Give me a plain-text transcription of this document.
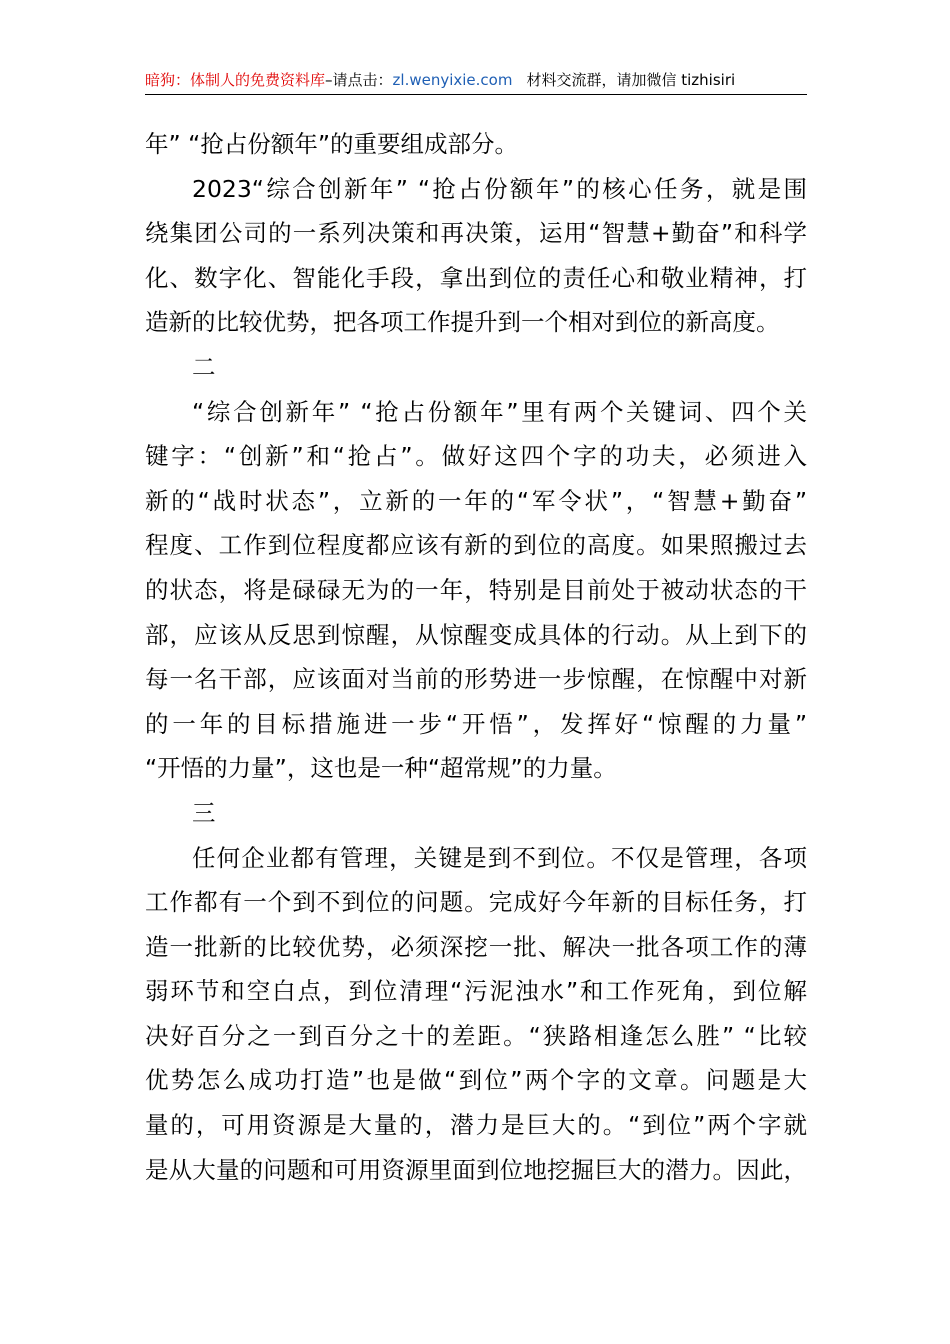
暗狗：体制人的免费资料库–请点击：zl.wenyixie.com 材料交流群，请加微信 tizhisiri
年” “抢占份额年”的重要组成部分。
2023“综合创新年” “抢占份额年”的核心任务，就是围
绕集团公司的一系列决策和再决策，运用“智慧+勤奋”和科学
化、数字化、智能化手段，拿出到位的责任心和敬业精神，打
造新的比较优势，把各项工作提升到一个相对到位的新高度。
二
“综合创新年” “抢占份额年”里有两个关键词、四个关
键字：“创新”和“抢占”。做好这四个字的功夫，必须进入
新的“战时状态”，立新的一年的“军令状”，“智慧+勤奋”
程度、工作到位程度都应该有新的到位的高度。如果照搬过去
的状态，将是碌碌无为的一年，特别是目前处于被动状态的干
部，应该从反思到惊醒，从惊醒变成具体的行动。从上到下的
每一名干部，应该面对当前的形势进一步惊醒，在惊醒中对新
的一年的目标措施进一步“开悟”，发挥好“惊醒的力量”
“开悟的力量”，这也是一种“超常规”的力量。
三
任何企业都有管理，关键是到不到位。不仅是管理，各项
工作都有一个到不到位的问题。完成好今年新的目标任务，打
造一批新的比较优势，必须深挖一批、解决一批各项工作的薄
弱环节和空白点，到位清理“污泥浊水”和工作死角，到位解
决好百分之一到百分之十的差距。“狭路相逢怎么胜” “比较
优势怎么成功打造”也是做“到位”两个字的文章。问题是大
量的，可用资源是大量的，潜力是巨大的。“到位”两个字就
是从大量的问题和可用资源里面到位地挖掘巨大的潜力。因此，
